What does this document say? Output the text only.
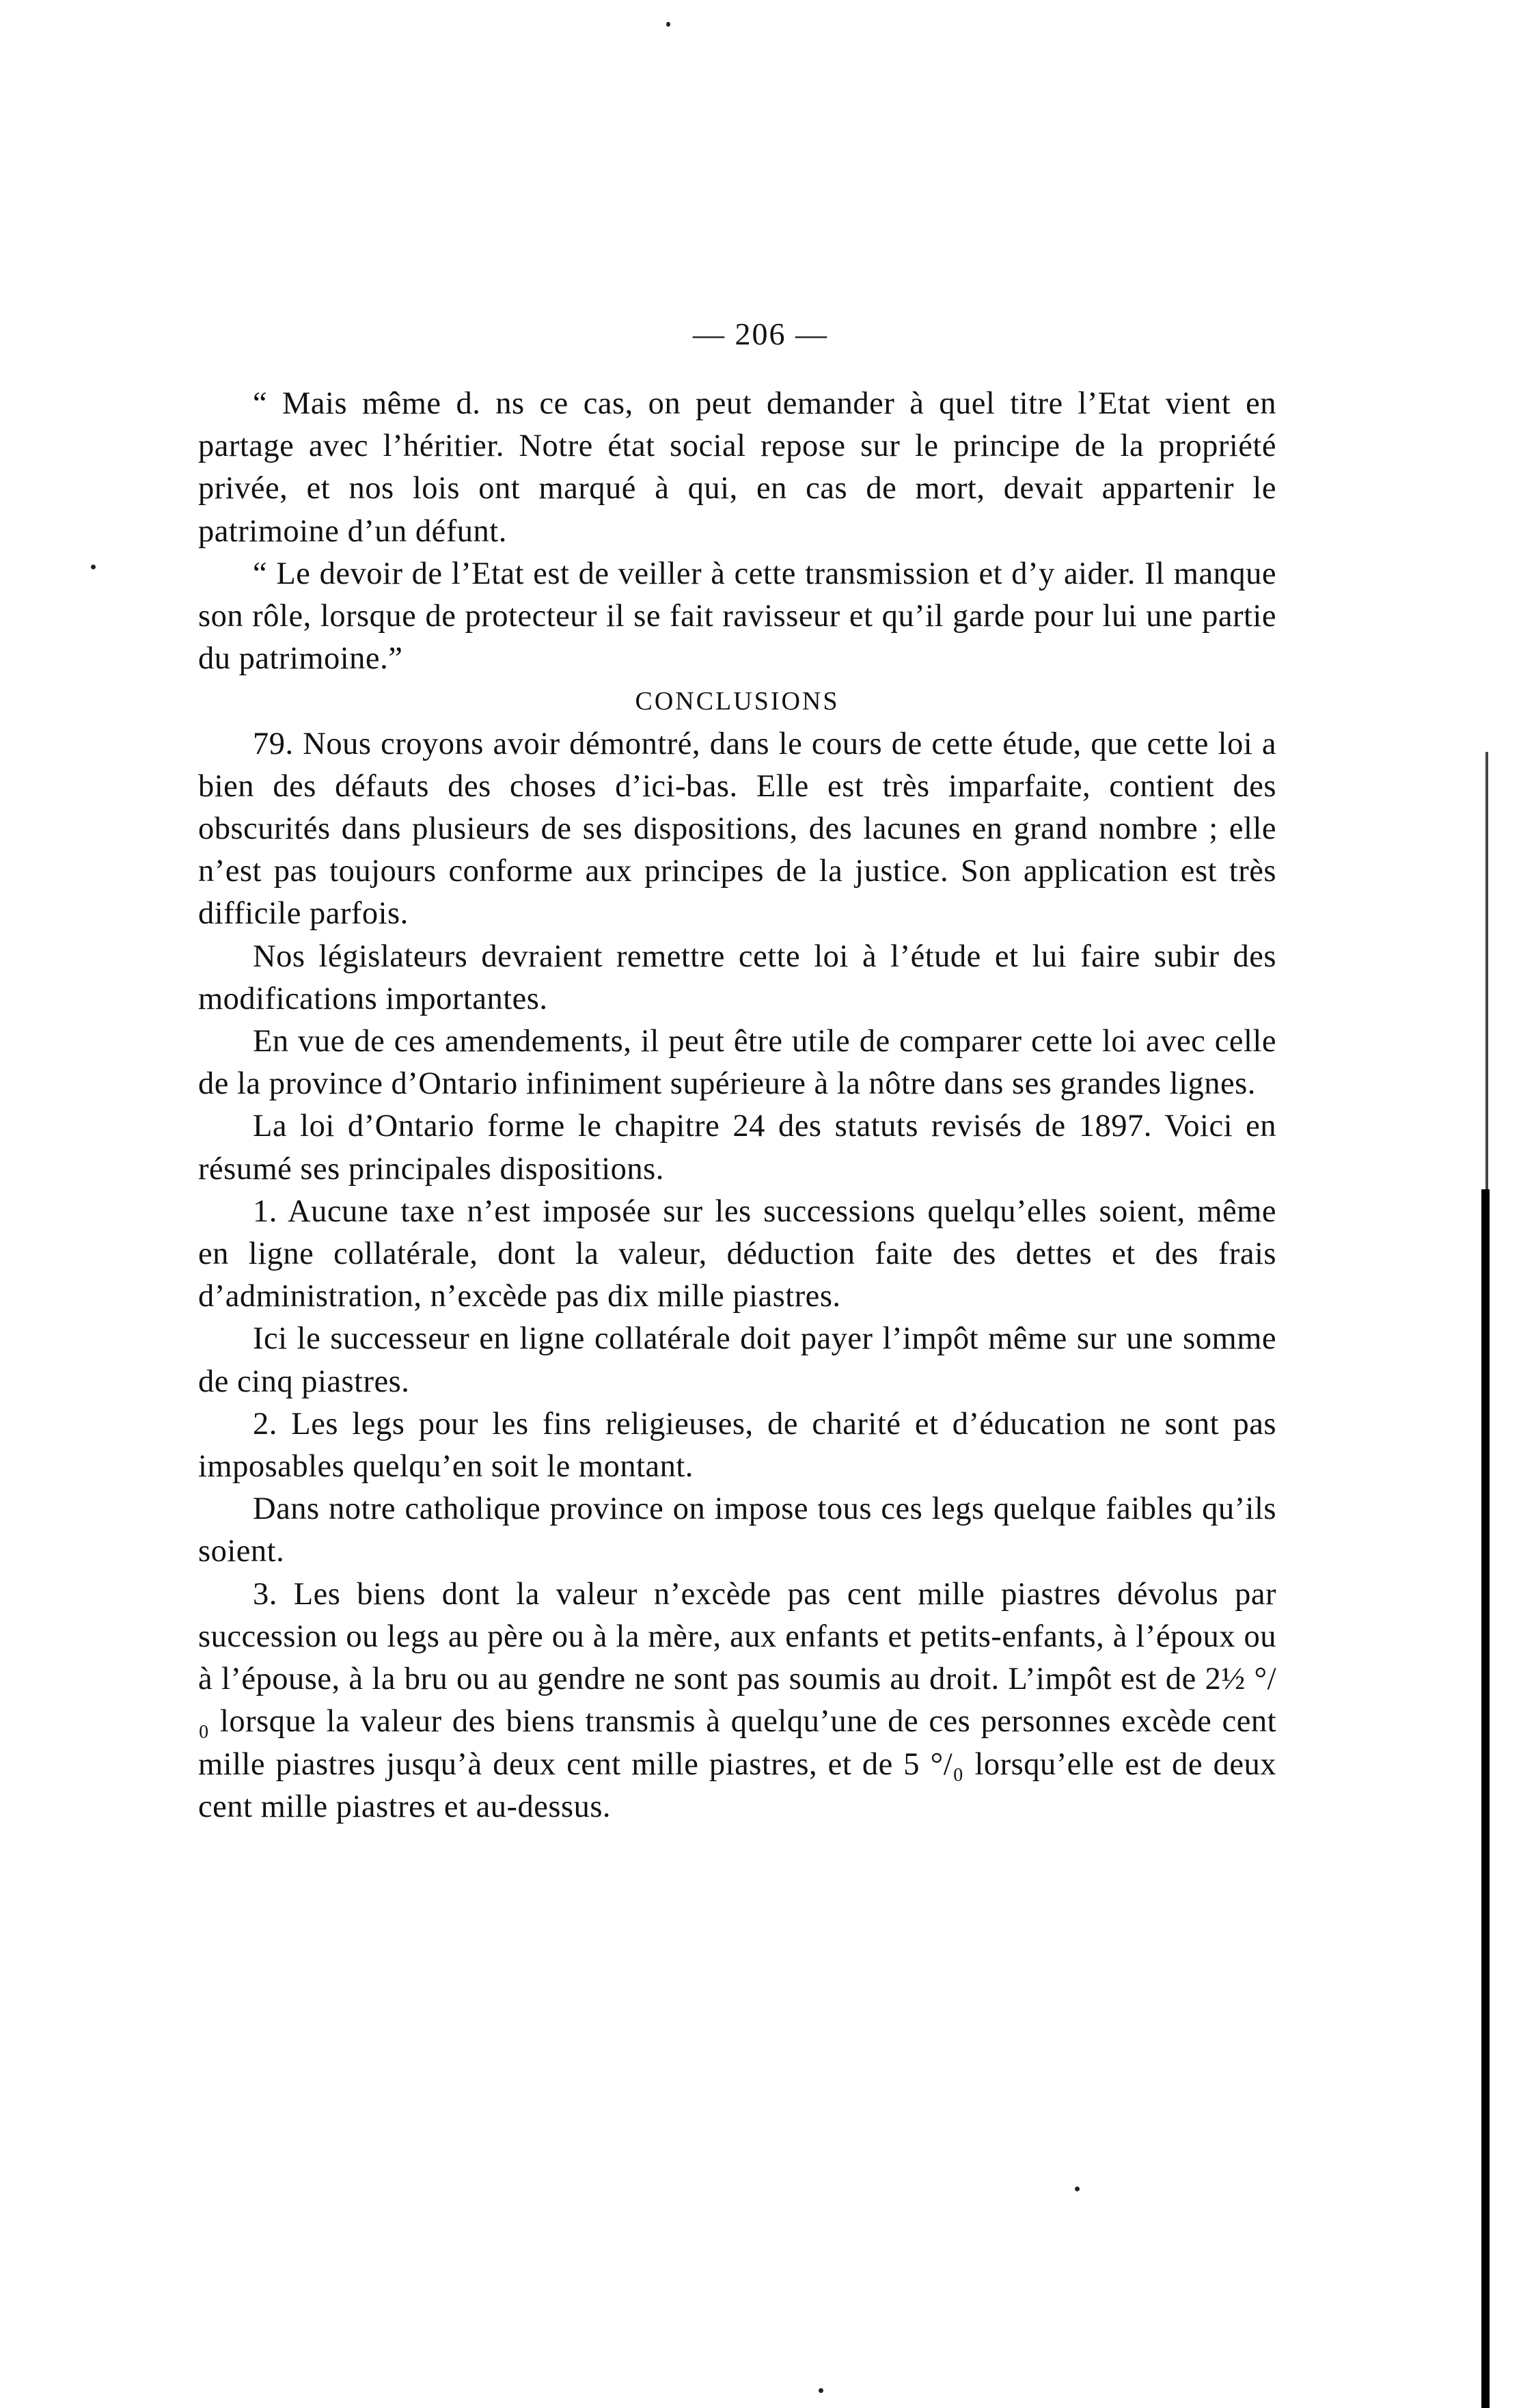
— 206 —

“ Mais même d. ns ce cas, on peut demander à quel titre l’Etat vient en partage avec l’héritier. Notre état social repose sur le principe de la propriété privée, et nos lois ont marqué à qui, en cas de mort, devait appartenir le patrimoine d’un défunt.

“ Le devoir de l’Etat est de veiller à cette transmission et d’y aider. Il manque son rôle, lorsque de protecteur il se fait ravisseur et qu’il garde pour lui une partie du patrimoine.”

CONCLUSIONS

79. Nous croyons avoir démontré, dans le cours de cette étude, que cette loi a bien des défauts des choses d’ici-bas. Elle est très imparfaite, contient des obscurités dans plusieurs de ses dispositions, des lacunes en grand nombre ; elle n’est pas toujours conforme aux principes de la justice. Son application est très difficile parfois.

Nos législateurs devraient remettre cette loi à l’étude et lui faire subir des modifications importantes.

En vue de ces amendements, il peut être utile de comparer cette loi avec celle de la province d’Ontario infiniment supérieure à la nôtre dans ses grandes lignes.

La loi d’Ontario forme le chapitre 24 des statuts revisés de 1897. Voici en résumé ses principales dispositions.

1. Aucune taxe n’est imposée sur les successions quelqu’elles soient, même en ligne collatérale, dont la valeur, déduction faite des dettes et des frais d’administration, n’excède pas dix mille piastres.

Ici le successeur en ligne collatérale doit payer l’impôt même sur une somme de cinq piastres.

2. Les legs pour les fins religieuses, de charité et d’éducation ne sont pas imposables quelqu’en soit le montant.

Dans notre catholique province on impose tous ces legs quelque faibles qu’ils soient.

3. Les biens dont la valeur n’excède pas cent mille piastres dévolus par succession ou legs au père ou à la mère, aux enfants et petits-enfants, à l’époux ou à l’épouse, à la bru ou au gendre ne sont pas soumis au droit. L’impôt est de 2½ °/₀ lorsque la valeur des biens transmis à quelqu’une de ces personnes excède cent mille piastres jusqu’à deux cent mille piastres, et de 5 °/₀ lorsqu’elle est de deux cent mille piastres et au-dessus.
